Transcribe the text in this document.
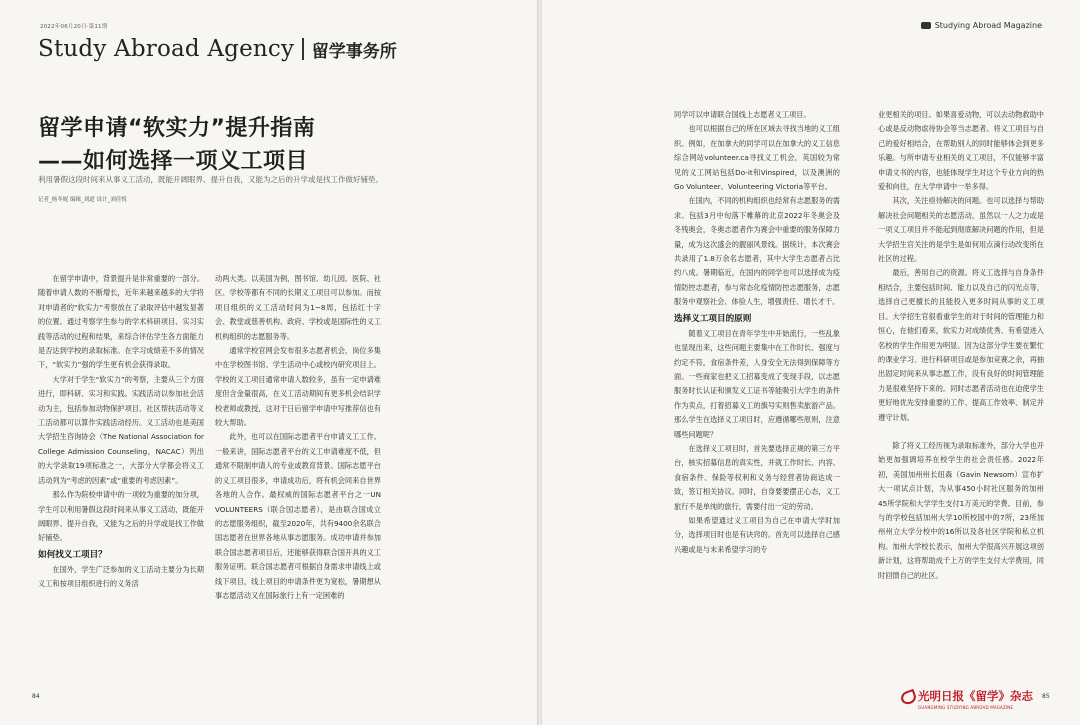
2022年06月20日·第11期
Study Abroad Agency 留学事务所
留学申请“软实力”提升指南
——如何选择一项义工项目
利用暑假这段时间来从事义工活动，既能开阔眼界、提升自我，又能为之后的升学或是找工作做好铺垫。
记者_杨冬妮 编辑_刘道 设计_刘佳悦

在留学申请中，背景提升是非常重要的一部分。随着申请人数的不断增长，近年来越来越多的大学将对申请者的“软实力”考察放在了录取评估中越发显著的位置。通过考察学生参与的学术科研项目、实习实践等活动的过程和结果，来综合评估学生各方面能力是否达到学校的录取标准。在学习成绩差不多的情况下，“软实力”强的学生更有机会获得录取。

大学对于学生“软实力”的考察，主要从三个方面进行，即科研、实习和实践。实践活动以参加社会活动为主，包括参加动物保护项目、社区帮扶活动等义工活动都可以算作实践活动经历。义工活动也是美国大学招生咨询协会（The National Association for College Admission Counseling，NACAC）列出的大学录取19项标准之一，大部分大学都会将义工活动列为“考虑的因素”或“重要的考虑因素”。

那么作为院校申请中的一项较为重要的加分项，学生可以利用暑假这段时间来从事义工活动，既能开阔眼界、提升自我，又能为之后的升学或是找工作做好铺垫。

如何找义工项目？

在国外，学生广泛参加的义工活动主要分为长期义工和按项目组织进行的义务活

动两大类。以美国为例，图书馆、幼儿园、医院、社区、学校等都有不同的长期义工项目可以参加。而按项目组织的义工活动时间为1~8周，包括红十字会、教堂或慈善机构、政府、学校或是国际性的义工机构组织的志愿服务等。

通常学校官网会发布很多志愿者机会，岗位多集中在学校图书馆、学生活动中心或校内研究项目上。学校的义工项目通常申请人数较多，虽有一定申请难度但含金量很高，在义工活动期间有更多机会结识学校老师或教授，这对于日后留学申请中写推荐信也有较大帮助。

此外，也可以在国际志愿者平台申请义工工作。一般来讲，国际志愿者平台的义工申请难度不低，但通常不限制申请人的专业或教育背景。国际志愿平台的义工项目很多，申请成功后，将有机会同来自世界各地的人合作。最权威的国际志愿者平台之一UN VOLUNTEERS（联合国志愿者），是由联合国成立的志愿服务组织，截至2020年，共有9400余名联合国志愿者在世界各地从事志愿服务。成功申请并参加联合国志愿者项目后，还能够获得联合国开具的义工服务证明。联合国志愿者可根据自身需求申请线上或线下项目，线上项目的申请条件更为宽松，暑期想从事志愿活动又在国际旅行上有一定困难的

84
Studying Abroad Magazine

同学可以申请联合国线上志愿者义工项目。

也可以根据自己的所在区域去寻找当地的义工组织。例如，在加拿大的同学可以在加拿大的义工信息综合网站volunteer.ca寻找义工机会，英国较为常见的义工网站包括Do-it和Vinspired，以及澳洲的Go Volunteer、Volunteering Victoria等平台。

在国内，不同的机构组织也经常有志愿服务的需求。包括3月中旬落下帷幕的北京2022年冬奥会及冬残奥会，冬奥志愿者作为赛会中重要的服务保障力量，成为这次盛会的靓丽风景线。据统计，本次赛会共录用了1.8万余名志愿者，其中大学生志愿者占比约八成。暑期临近，在国内的同学也可以选择成为疫情防控志愿者，参与常态化疫情防控志愿服务，志愿服务中观察社会、体验人生，增强责任、增长才干。

选择义工项目的原则

随着义工项目在青年学生中开始流行，一些乱象也显现出来，这些问题主要集中在工作时长、强度与约定不符，食宿条件差，人身安全无法得到保障等方面。一些商家也把义工招募变成了变现手段，以志愿服务时长认证和颁发义工证书等能吸引大学生的条件作为卖点，打着招募义工的旗号实则售卖旅游产品。那么学生在选择义工项目时，应遵循哪些原则，注意哪些问题呢？

在选择义工项目时，首先要选择正规的第三方平台，核实招募信息的真实性，并就工作时长、内容、食宿条件、保险等权利和义务与经营者协商达成一致，签订相关协议。同时，自身要要摆正心态，义工旅行不是单纯的旅行，需要付出一定的劳动。

如果希望通过义工项目为自己在申请大学时加分，选择项目时也是有诀窍的。首先可以选择自己感兴趣或是与未来希望学习的专

业更相关的项目。如果喜爱动物，可以去动物救助中心或是反动物虐待协会等当志愿者。将义工项目与自己的爱好相结合，在帮助别人的同时能够体会到更多乐趣。与所申请专业相关的义工项目，不仅能够丰富申请文书的内容，也能体现学生对这个专业方向的热爱和向往，在大学申请中一举多得。

其次，关注亟待解决的问题。也可以选择与帮助解决社会问题相关的志愿活动，虽然以一人之力或是一项义工项目并不能起到彻底解决问题的作用，但是大学招生官关注的是学生是如何用点滴行动改变所在社区的过程。

最后，善用自己的资源。将义工选择与自身条件相结合，主要包括时间、能力以及自己的闪光点等，选择自己更擅长的且能投入更多时间从事的义工项目。大学招生官很看重学生的对于时间的管理能力和恒心，在他们看来，软实力对成绩优秀、有希望进入名校的学生作用更为明显。因为这部分学生要在繁忙的课业学习、进行科研项目或是参加竞赛之余，再抽出固定时间来从事志愿工作，没有良好的时间管理能力是很难坚持下来的。同时志愿者活动也在迫使学生更好地优先安排重要的工作、提高工作效率、制定并遵守计划。

除了将义工经历视为录取标准外，部分大学也开始更加强调培养在校学生的社会责任感。2022年初，美国加州州长纽森（Gavin Newsom）宣布扩大一项试点计划，为从事450小时社区服务的加州45所学院和大学学生支付1万美元的学费。目前，参与的学校包括加州大学10所校园中的7所，23所加州州立大学分校中的16所以及各社区学院和私立机构。加州大学校长表示，加州大学很高兴开展这项创新计划，这将帮助成千上万的学生支付大学费用，同时回馈自己的社区。

光明日报《留学》杂志
GUANGMING STUDYING ABROAD MAGAZINE
85
